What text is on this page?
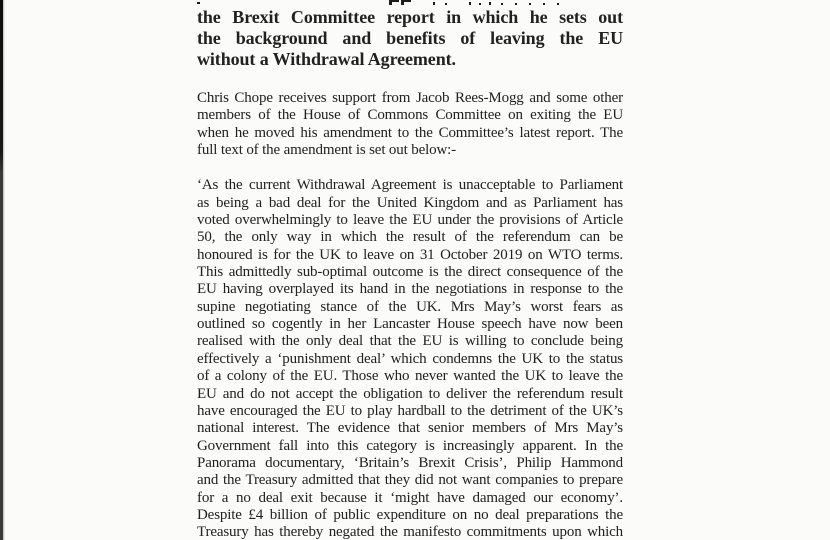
the Brexit Committee report in which he sets out
the background and benefits of leaving the EU
without a Withdrawal Agreement.
Chris Chope receives support from Jacob Rees-Mogg and some other
members of the House of Commons Committee on exiting the EU
when he moved his amendment to the Committee’s latest report. The
full text of the amendment is set out below:-
‘As the current Withdrawal Agreement is unacceptable to Parliament
as being a bad deal for the United Kingdom and as Parliament has
voted overwhelmingly to leave the EU under the provisions of Article
50, the only way in which the result of the referendum can be
honoured is for the UK to leave on 31 October 2019 on WTO terms.
This admittedly sub-optimal outcome is the direct consequence of the
EU having overplayed its hand in the negotiations in response to the
supine negotiating stance of the UK. Mrs May’s worst fears as
outlined so cogently in her Lancaster House speech have now been
realised with the only deal that the EU is willing to conclude being
effectively a ‘punishment deal’ which condemns the UK to the status
of a colony of the EU. Those who never wanted the UK to leave the
EU and do not accept the obligation to deliver the referendum result
have encouraged the EU to play hardball to the detriment of the UK’s
national interest. The evidence that senior members of Mrs May’s
Government fall into this category is increasingly apparent. In the
Panorama documentary, ‘Britain’s Brexit Crisis’, Philip Hammond
and the Treasury admitted that they did not want companies to prepare
for a no deal exit because it ‘might have damaged our economy’.
Despite £4 billion of public expenditure on no deal preparations the
Treasury has thereby negated the manifesto commitments upon which
